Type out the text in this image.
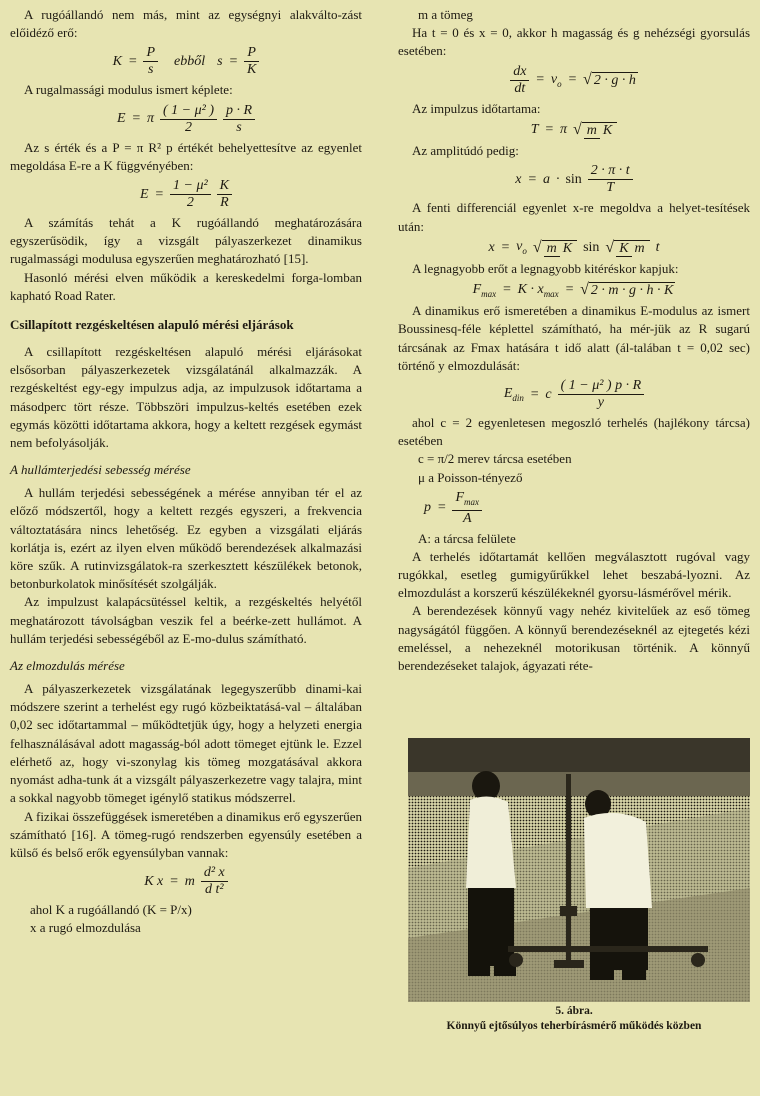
A rugóállandó nem más, mint az egységnyi alakválto-zást előidéző erő:

$K = \frac{P}{s}$ ebből $s = \frac{P}{K}$

A rugalmassági modulus ismert képlete:

E = π $\frac{\text{( 1 − μ² )}}{2} \frac{p \cdot R}{s}$

Az s érték és a P = π R² p értékét behelyettesítve az egyenlet megoldása E-re a K függvényében:

$E = \frac{\text{1 − μ²}}{2} \frac{K}{R}$

A számítás tehát a K rugóállandó meghatározására egyszerűsödik, így a vizsgált pályaszerkezet dinamikus rugalmassági modulusa egyszerűen meghatározható [15].

Hasonló mérési elven működik a kereskedelmi forga-lomban kapható Road Rater.

Csillapított rezgéskeltésen alapuló mérési eljárások

A csillapított rezgéskeltésen alapuló mérési eljárásokat elsősorban pályaszerkezetek vizsgálatánál alkalmazzák. A rezgéskeltést egy-egy impulzus adja, az impulzusok időtartama a másodperc tört része. Többszöri impulzus-keltés esetében ezek egymás közötti időtartama akkora, hogy a keltett rezgések egymást nem befolyásolják.

A hullámterjedési sebesség mérése

A hullám terjedési sebességének a mérése annyiban tér el az előző módszertől, hogy a keltett rezgés egyszeri, a frekvencia változtatására nincs lehetőség. Ez egyben a vizsgálati eljárás korlátja is, ezért az ilyen elven működő berendezések alkalmazási köre szűk. A rutinvizsgálatok-ra szerkesztett készülékek betonok, betonburkolatok minősítését szolgálják.

Az impulzust kalapácsütéssel keltik, a rezgéskeltés helyétől meghatározott távolságban veszik fel a beérke-zett hullámot. A hullám terjedési sebességéből az E-mo-dulus számítható.

Az elmozdulás mérése

A pályaszerkezetek vizsgálatának legegyszerűbb dinami-kai módszere szerint a terhelést egy rugó közbeiktatásá-val – általában 0,02 sec időtartammal – működtetjük úgy, hogy a helyzeti energia felhasználásával adott magasság-ból adott tömeget ejtünk le. Ezzel elérhető az, hogy vi-szonylag kis tömeg mozgatásával akkora nyomást adha-tunk át a vizsgált pályaszerkezetre vagy talajra, mint a sokkal nagyobb tömeget igénylő statikus módszerrel.

A fizikai összefüggések ismeretében a dinamikus erő egyszerűen számítható [16]. A tömeg-rugó rendszerben egyensúly esetében a külső és belső erők egyensúlyban vannak:

K x = m $\frac{\text{d² x}}{\text{d t²}}$

ahol K a rugóállandó (K = P/x)

x a rugó elmozdulása

m a tömeg

Ha t = 0 és x = 0, akkor h magasság és g nehézségi gyorsulás esetében:

$\frac{dx}{dt} = v_o$ = √ 2 · g · h

Az impulzus időtartama:

T = π √ m K

Az amplitúdó pedig:

$x = a \cdot \sin \frac{2 \cdot \pi \cdot t}{T}$

A fenti differenciál egyenlet x-re megoldva a helyet-tesítések után:

$x = v_o$ √ m K sin √ K m t

A legnagyobb erőt a legnagyobb kitéréskor kapjuk:

$F_{max} = K \cdot x_{max}$ = √ 2 · m · g · h · K

A dinamikus erő ismeretében a dinamikus E-modulus az ismert Boussinesq-féle képlettel számítható, ha mér-jük az R sugarú tárcsának az Fmax hatására t idő alatt (ál-talában t = 0,02 sec) történő y elmozdulását:

$E_{din} = c \frac{\text{( 1 − μ² ) p · R}}{y}$

ahol c = 2 egyenletesen megoszló terhelés (hajlékony tárcsa) esetében

c = π/2 merev tárcsa esetében

μ a Poisson-tényező

$p = \frac{F_{max}}{A}$

A: a tárcsa felülete

A terhelés időtartamát kellően megválasztott rugóval vagy rugókkal, esetleg gumigyűrűkkel lehet beszabá-lyozni. Az elmozdulást a korszerű készülékeknél gyorsu-lásmérővel mérik.

A berendezések könnyű vagy nehéz kivitelűek az eső tömeg nagyságától függően. A könnyű berendezéseknél az ejtegetés kézi emeléssel, a nehezeknél motorikusan történik. A könnyű berendezéseket talajok, ágyazati réte-

5. ábra.
Könnyű ejtősúlyos teherbírásmérő működés közben
